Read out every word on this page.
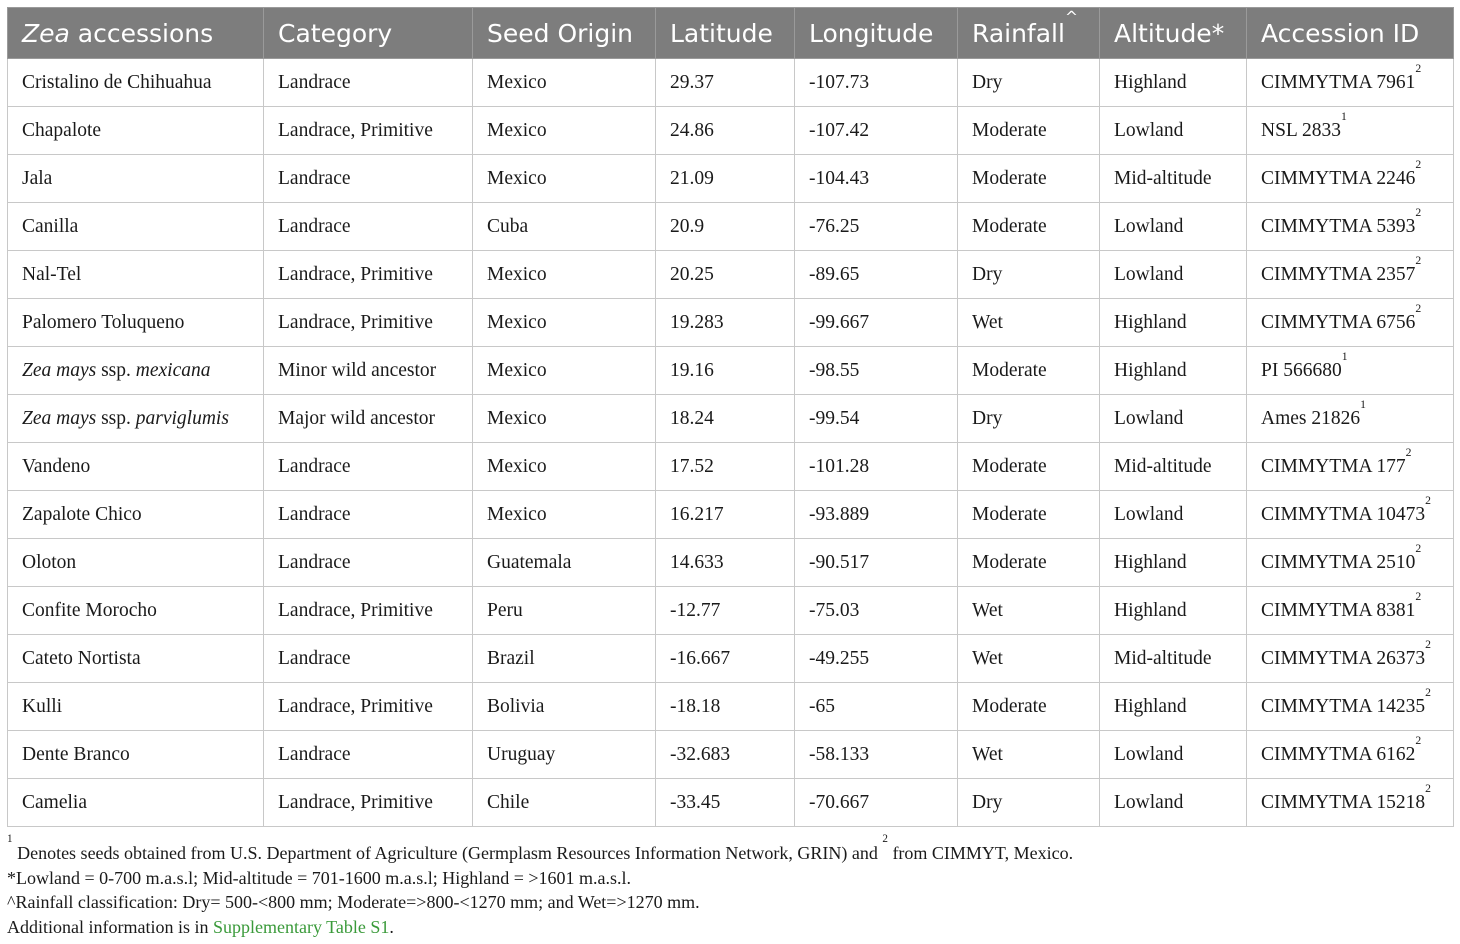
Zea accessions	Category	Seed Origin	Latitude	Longitude	Rainfall^	Altitude*	Accession ID
Cristalino de Chihuahua	Landrace	Mexico	29.37	-107.73	Dry	Highland	CIMMYTMA 7961$^2$
Chapalote	Landrace, Primitive	Mexico	24.86	-107.42	Moderate	Lowland	NSL 2833$^1$
Jala	Landrace	Mexico	21.09	-104.43	Moderate	Mid-altitude	CIMMYTMA 2246$^2$
Canilla	Landrace	Cuba	20.9	-76.25	Moderate	Lowland	CIMMYTMA 5393$^2$
Nal-Tel	Landrace, Primitive	Mexico	20.25	-89.65	Dry	Lowland	CIMMYTMA 2357$^2$
Palomero Toluqueno	Landrace, Primitive	Mexico	19.283	-99.667	Wet	Highland	CIMMYTMA 6756$^2$
Zea mays ssp. mexicana	Minor wild ancestor	Mexico	19.16	-98.55	Moderate	Highland	PI 566680$^1$
Zea mays ssp. parviglumis	Major wild ancestor	Mexico	18.24	-99.54	Dry	Lowland	Ames 21826$^1$
Vandeno	Landrace	Mexico	17.52	-101.28	Moderate	Mid-altitude	CIMMYTMA $177^2$
Zapalote Chico	Landrace	Mexico	16.217	-93.889	Moderate	Lowland	CIMMYTMA 10473$^2$
Oloton	Landrace	Guatemala	14.633	-90.517	Moderate	Highland	CIMMYTMA 2510$^2$
Confite Morocho	Landrace, Primitive	Peru	-12.77	-75.03	Wet	Highland	CIMMYTMA 8381$^2$
Cateto Nortista	Landrace	Brazil	-16.667	-49.255	Wet	Mid-altitude	CIMMYTMA 26373$^2$
Kulli	Landrace, Primitive	Bolivia	-18.18	-65	Moderate	Highland	CIMMYTMA 14235$^2$
Dente Branco	Landrace	Uruguay	-32.683	-58.133	Wet	Lowland	CIMMYTMA 6162$^2$
Camelia	Landrace, Primitive	Chile	-33.45	-70.667	Dry	Lowland	CIMMYTMA 15218$^2$

$^1$ Denotes seeds obtained from U.S. Department of Agriculture (Germplasm Resources Information Network, GRIN) and $^2$ from CIMMYT, Mexico.

*Lowland = 0-700 m.a.s.l; Mid-altitude = 701-1600 m.a.s.l; Highland = >1601 m.a.s.l.

^Rainfall classification: Dry= 500-<800 mm; Moderate=>800-<1270 mm; and Wet=>1270 mm.

Additional information is in Supplementary Table S1.
